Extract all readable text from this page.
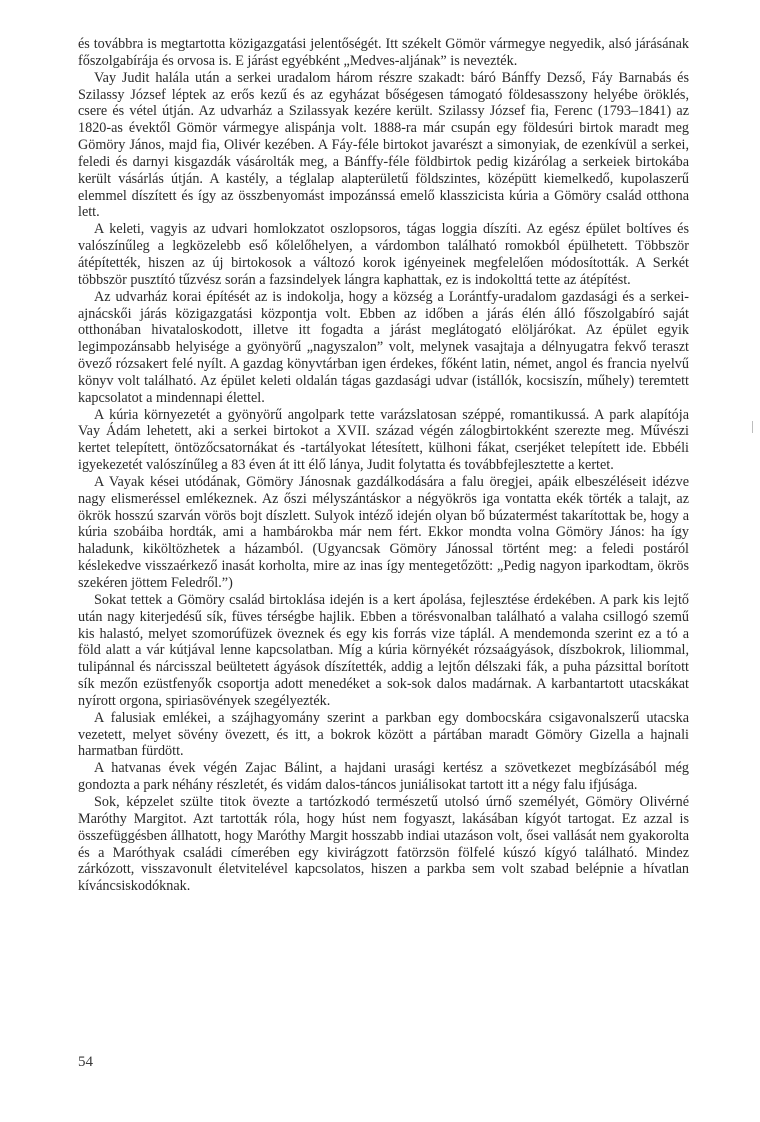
és továbbra is megtartotta közigazgatási jelentőségét. Itt székelt Gömör vármegye negyedik, alsó járásának főszolgabírája és orvosa is. E járást egyébként „Medves-aljának” is nevezték.

Vay Judit halála után a serkei uradalom három részre szakadt: báró Bánffy Dezső, Fáy Barnabás és Szilassy József léptek az erős kezű és az egyházat bőségesen támogató földesasszony helyébe öröklés, csere és vétel útján. Az udvarház a Szilassyak kezére került. Szilassy József fia, Ferenc (1793–1841) az 1820-as évektől Gömör vármegye alispánja volt. 1888-ra már csupán egy földesúri birtok maradt meg Gömöry János, majd fia, Olivér kezében. A Fáy-féle birtokot javarészt a simonyiak, de ezenkívül a serkei, feledi és darnyi kisgazdák vásárolták meg, a Bánffy-féle földbirtok pedig kizárólag a serkeiek birtokába került vásárlás útján. A kastély, a téglalap alapterületű földszintes, középütt kiemelkedő, kupolaszerű elemmel díszített és így az összbenyomást impozánssá emelő klasszicista kúria a Gömöry család otthona lett.

A keleti, vagyis az udvari homlokzatot oszlopsoros, tágas loggia díszíti. Az egész épület boltíves és valószínűleg a legközelebb eső kőlelőhelyen, a várdombon található romokból épülhetett. Többször átépítették, hiszen az új birtokosok a változó korok igényeinek megfelelően módosították. A Serkét többször pusztító tűzvész során a fazsindelyek lángra kaphattak, ez is indokolttá tette az átépítést.

Az udvarház korai építését az is indokolja, hogy a község a Lorántfy-uradalom gazdasági és a serkei-ajnácskői járás közigazgatási központja volt. Ebben az időben a járás élén álló főszolgabíró saját otthonában hivataloskodott, illetve itt fogadta a járást meglátogató elöljárókat. Az épület egyik legimpozánsabb helyisége a gyönyörű „nagyszalon” volt, melynek vasajtaja a délnyugatra fekvő teraszt övező rózsakert felé nyílt. A gazdag könyvtárban igen érdekes, főként latin, német, angol és francia nyelvű könyv volt található. Az épület keleti oldalán tágas gazdasági udvar (istállók, kocsiszín, műhely) teremtett kapcsolatot a mindennapi élettel.

A kúria környezetét a gyönyörű angolpark tette varázslatosan széppé, romantikussá. A park alapítója Vay Ádám lehetett, aki a serkei birtokot a XVII. század végén zálogbirtokként szerezte meg. Művészi kertet telepített, öntözőcsatornákat és -tartályokat létesített, külhoni fákat, cserjéket telepített ide. Ebbéli igyekezetét valószínűleg a 83 éven át itt élő lánya, Judit folytatta és továbbfejlesztette a kertet.

A Vayak kései utódának, Gömöry Jánosnak gazdálkodására a falu öregjei, apáik elbeszéléseit idézve nagy elismeréssel emlékeznek. Az őszi mélyszántáskor a négyökrös iga vontatta ekék törték a talajt, az ökrök hosszú szarván vörös bojt díszlett. Sulyok intéző idején olyan bő búzatermést takarítottak be, hogy a kúria szobáiba hordták, ami a hambárokba már nem fért. Ekkor mondta volna Gömöry János: ha így haladunk, kiköltözhetek a házamból. (Ugyancsak Gömöry Jánossal történt meg: a feledi postáról késlekedve visszaérkező inasát korholta, mire az inas így mentegetőzött: „Pedig nagyon iparkodtam, ökrös szekéren jöttem Feledről.”)

Sokat tettek a Gömöry család birtoklása idején is a kert ápolása, fejlesztése érdekében. A park kis lejtő után nagy kiterjedésű sík, füves térségbe hajlik. Ebben a törésvonalban található a valaha csillogó szemű kis halastó, melyet szomorúfüzek öveznek és egy kis forrás vize táplál. A mendemonda szerint ez a tó a föld alatt a vár kútjával lenne kapcsolatban. Míg a kúria környékét rózsaágyások, díszbokrok, liliommal, tulipánnal és nárcisszal beültetett ágyások díszítették, addig a lejtőn délszaki fák, a puha pázsittal borított sík mezőn ezüstfenyők csoportja adott menedéket a sok-sok dalos madárnak. A karbantartott utacskákat nyírott orgona, spiriasövények szegélyezték.

A falusiak emlékei, a szájhagyomány szerint a parkban egy dombocskára csigavonalszerű utacska vezetett, melyet sövény övezett, és itt, a bokrok között a pártában maradt Gömöry Gizella a hajnali harmatban fürdött.

A hatvanas évek végén Zajac Bálint, a hajdani urasági kertész a szövetkezet megbízásából még gondozta a park néhány részletét, és vidám dalos-táncos juniálisokat tartott itt a négy falu ifjúsága.

Sok, képzelet szülte titok övezte a tartózkodó természetű utolsó úrnő személyét, Gömöry Olivérné Maróthy Margitot. Azt tartották róla, hogy húst nem fogyaszt, lakásában kígyót tartogat. Ez azzal is összefüggésben állhatott, hogy Maróthy Margit hosszabb indiai utazáson volt, ősei vallását nem gyakorolta és a Maróthyak családi címerében egy kivirágzott fatörzsön fölfelé kúszó kígyó található. Mindez zárkózott, visszavonult életvitelével kapcsolatos, hiszen a parkba sem volt szabad belépnie a hívatlan kíváncsiskodóknak.

54
